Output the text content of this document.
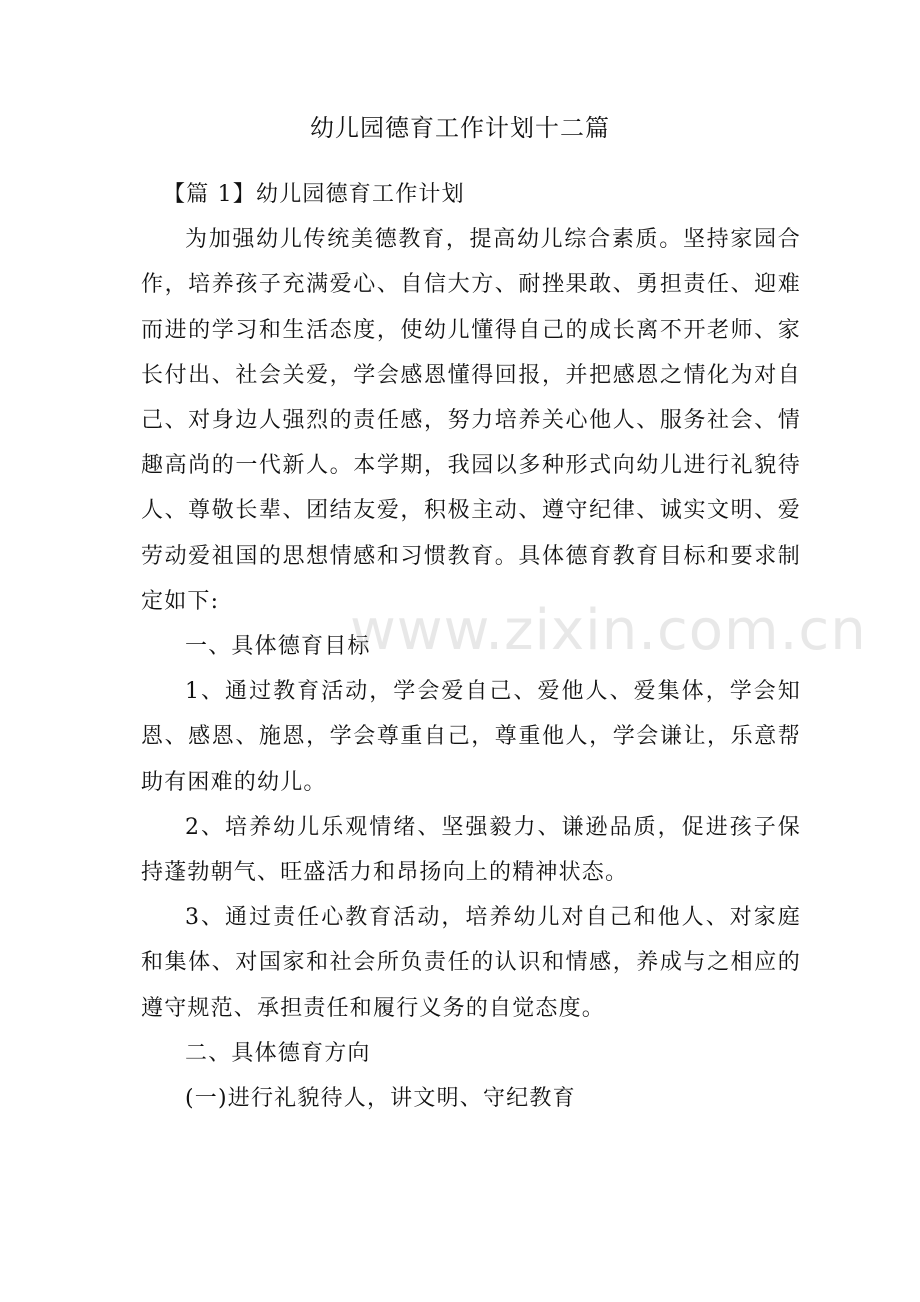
幼儿园德育工作计划十二篇

【篇 1】幼儿园德育工作计划

为加强幼儿传统美德教育，提高幼儿综合素质。坚持家园合作，培养孩子充满爱心、自信大方、耐挫果敢、勇担责任、迎难而进的学习和生活态度，使幼儿懂得自己的成长离不开老师、家长付出、社会关爱，学会感恩懂得回报，并把感恩之情化为对自己、对身边人强烈的责任感，努力培养关心他人、服务社会、情趣高尚的一代新人。本学期，我园以多种形式向幼儿进行礼貌待人、尊敬长辈、团结友爱，积极主动、遵守纪律、诚实文明、爱劳动爱祖国的思想情感和习惯教育。具体德育教育目标和要求制定如下:

一、具体德育目标

1、通过教育活动，学会爱自己、爱他人、爱集体，学会知恩、感恩、施恩，学会尊重自己，尊重他人，学会谦让，乐意帮助有困难的幼儿。

2、培养幼儿乐观情绪、坚强毅力、谦逊品质，促进孩子保持蓬勃朝气、旺盛活力和昂扬向上的精神状态。

3、通过责任心教育活动，培养幼儿对自己和他人、对家庭和集体、对国家和社会所负责任的认识和情感，养成与之相应的遵守规范、承担责任和履行义务的自觉态度。

二、具体德育方向

(一)进行礼貌待人，讲文明、守纪教育

www.zixin.com.cn
